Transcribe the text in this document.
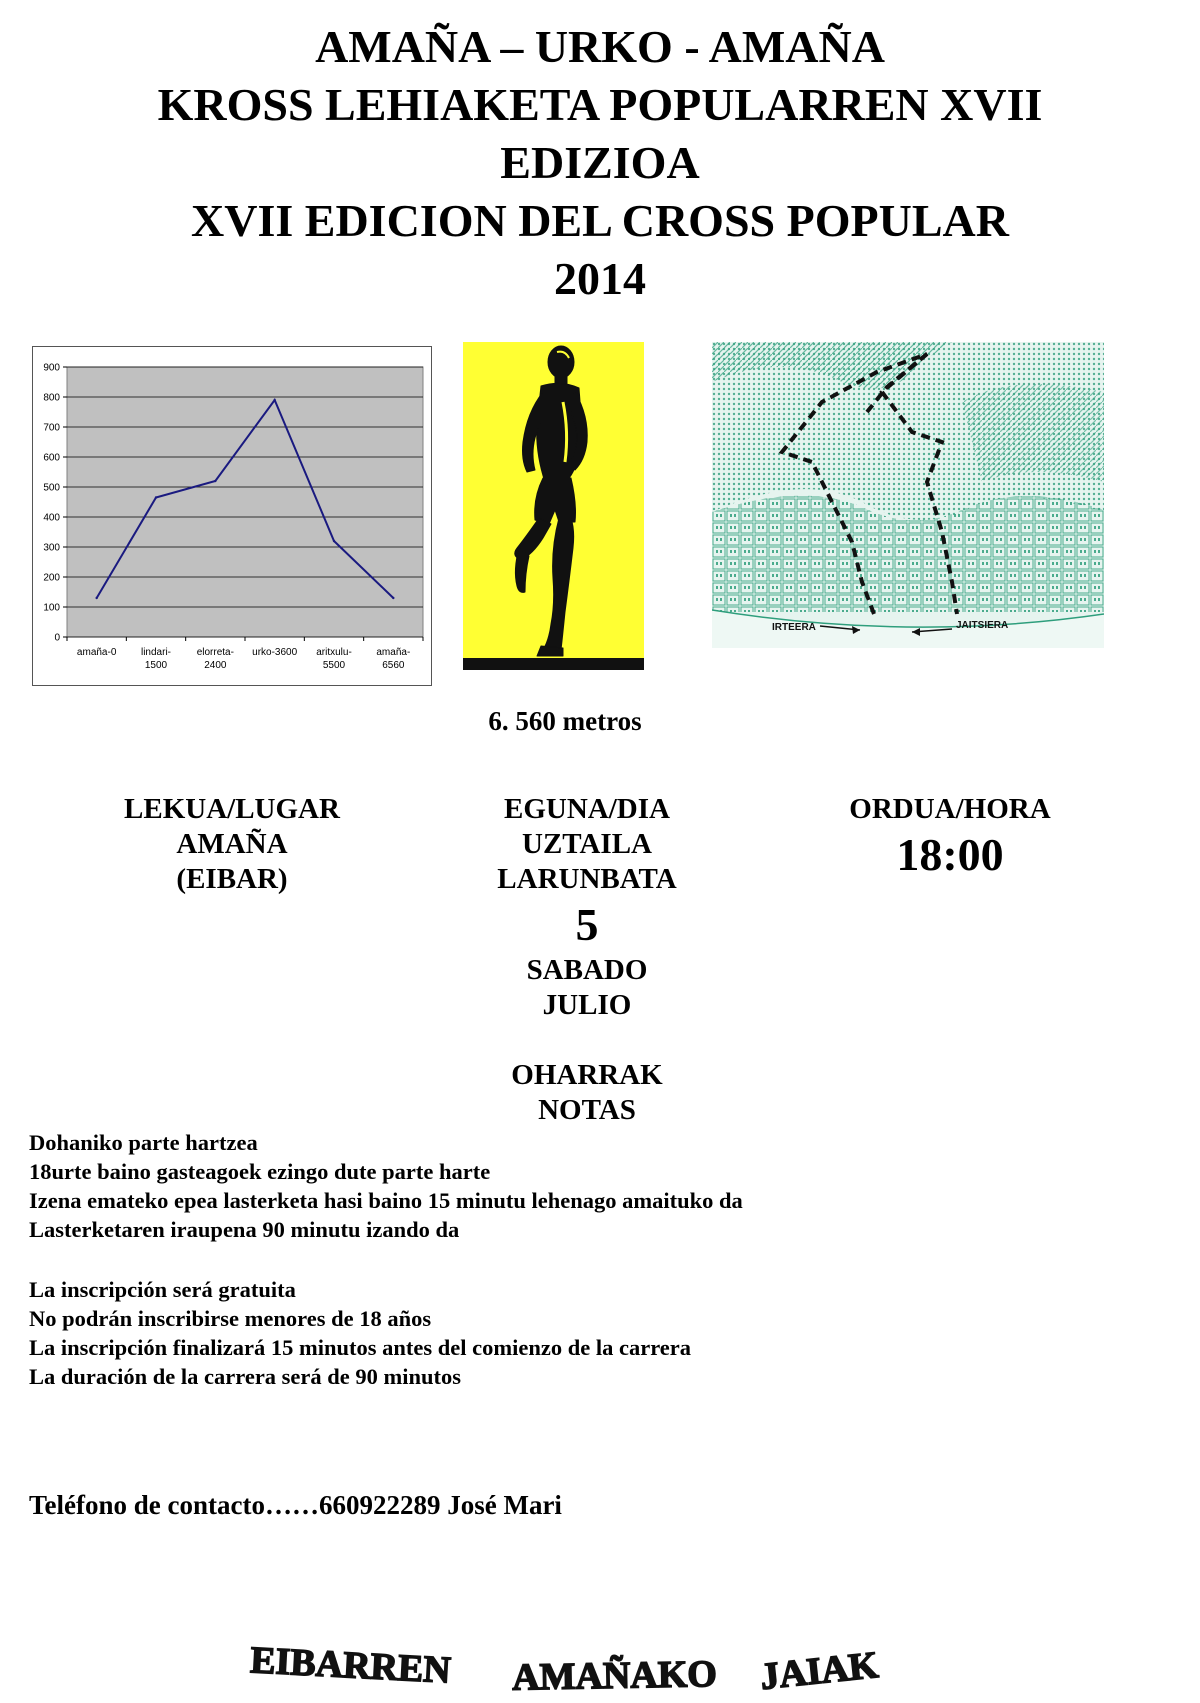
AMAÑA – URKO - AMAÑA
KROSS LEHIAKETA POPULARREN XVII
EDIZIOA
XVII EDICION DEL CROSS POPULAR
2014
0
100
200
300
400
500
600
700
800
900
amaña-0 lindari-
1500
elorreta-
2400
urko-3600 aritxulu-
5500
amaña-
6560
IRTEERA	JAITSIERA
6. 560 metros
LEKUA/LUGAR
AMAÑA
(EIBAR)
EGUNA/DIA
UZTAILA
LARUNBATA
5
SABADO
JULIO
ORDUA/HORA
18:00
OHARRAK
NOTAS
Dohaniko parte hartzea
18urte baino gasteagoek ezingo dute parte harte
Izena emateko epea lasterketa hasi baino 15 minutu lehenago amaituko da
Lasterketaren iraupena 90 minutu izando da
La inscripción será gratuita
No podrán inscribirse menores de 18 años
La inscripción finalizará 15 minutos antes del comienzo de la carrera
La duración de la carrera será de 90 minutos
Teléfono de contacto……660922289 José Mari
EIBARREN AMAÑAKO JAIAK
